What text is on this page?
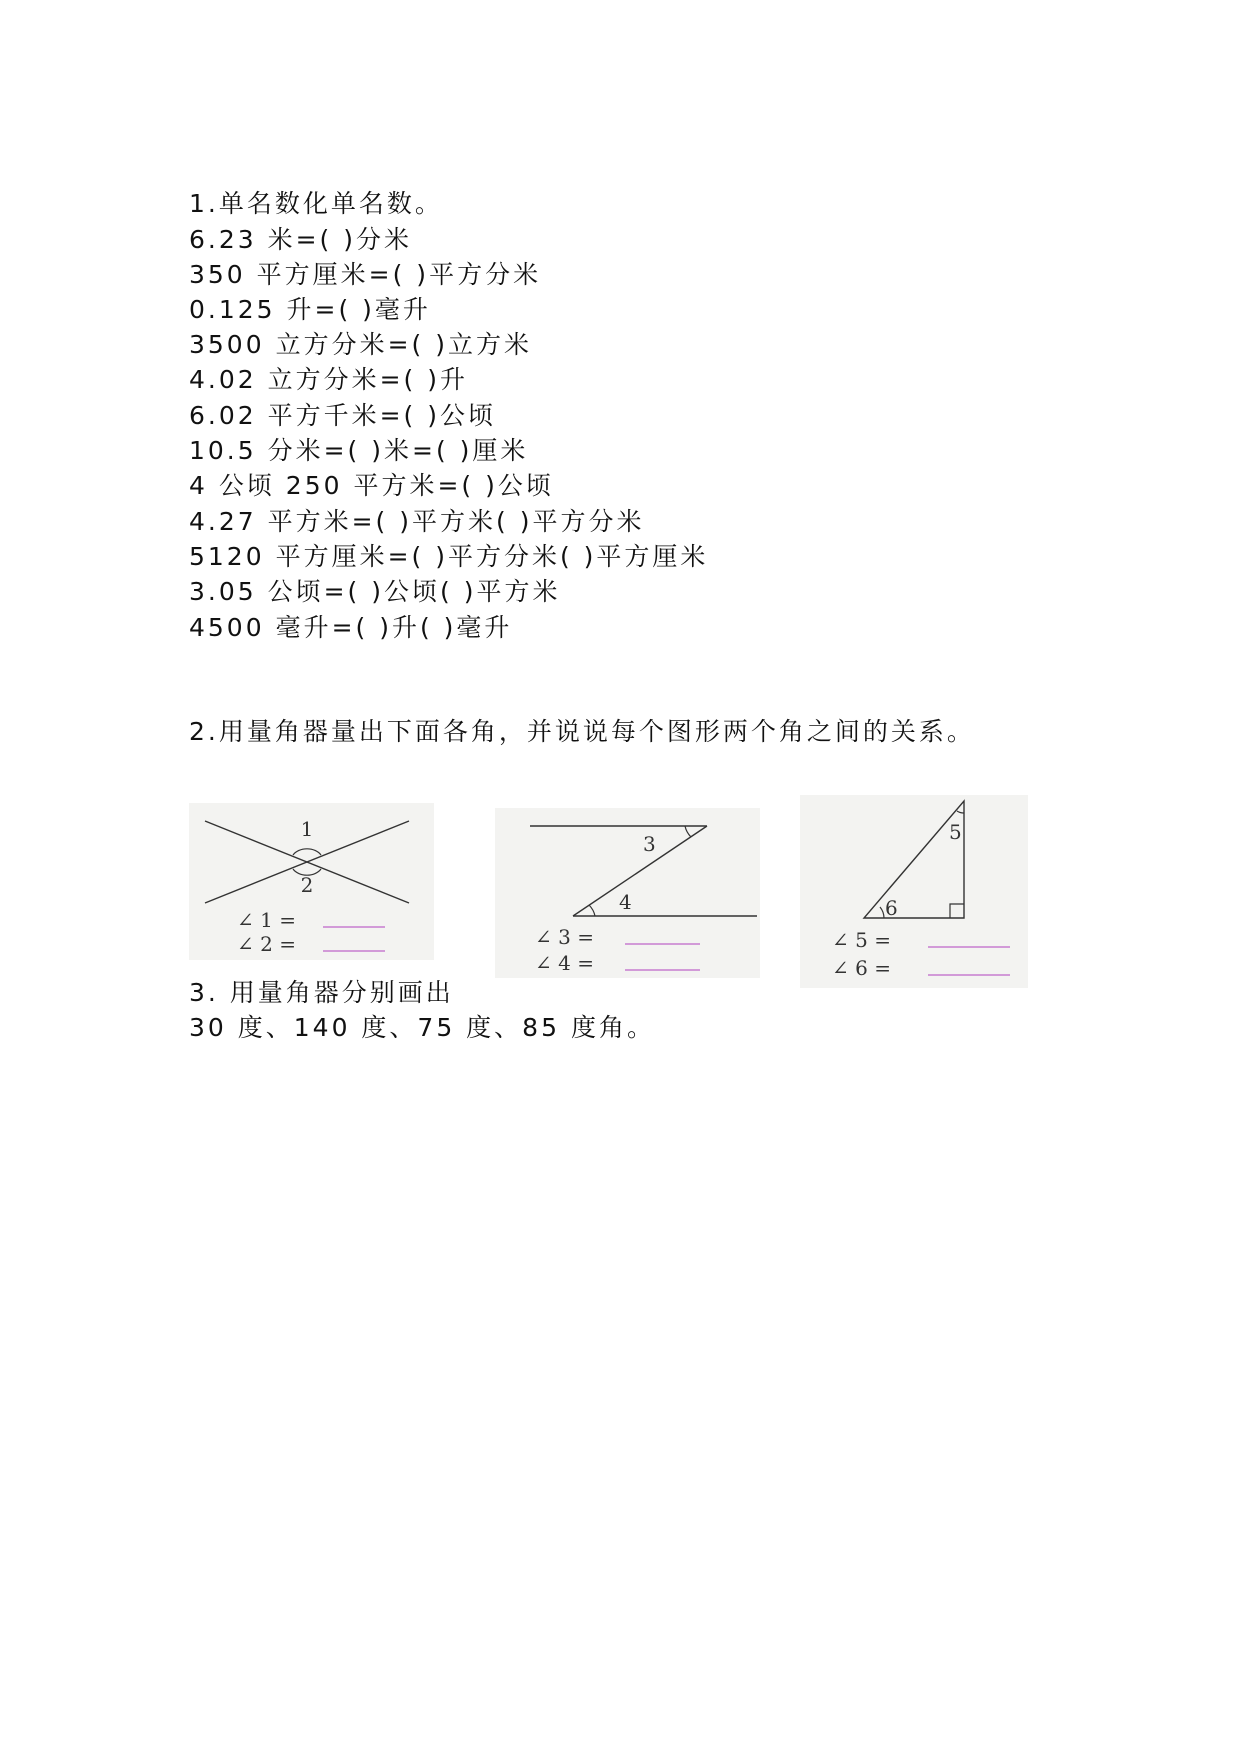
1.单名数化单名数。
6.23 米=( )分米
350 平方厘米=( )平方分米
0.125 升=( )毫升
3500 立方分米=( )立方米
4.02 立方分米=( )升
6.02 平方千米=( )公顷
10.5 分米=( )米=( )厘米
4 公顷 250 平方米=( )公顷
4.27 平方米=( )平方米( )平方分米
5120 平方厘米=( )平方分米( )平方厘米
3.05 公顷=( )公顷( )平方米
4500 毫升=( )升( )毫升
2.用量角器量出下面各角，并说说每个图形两个角之间的关系。
1
2
∠ 1 =
∠ 2 =
3
4
∠ 3 =
∠ 4 =
5
6
∠ 5 =
∠ 6 =
3. 用量角器分别画出
30 度、140 度、75 度、85 度角。
